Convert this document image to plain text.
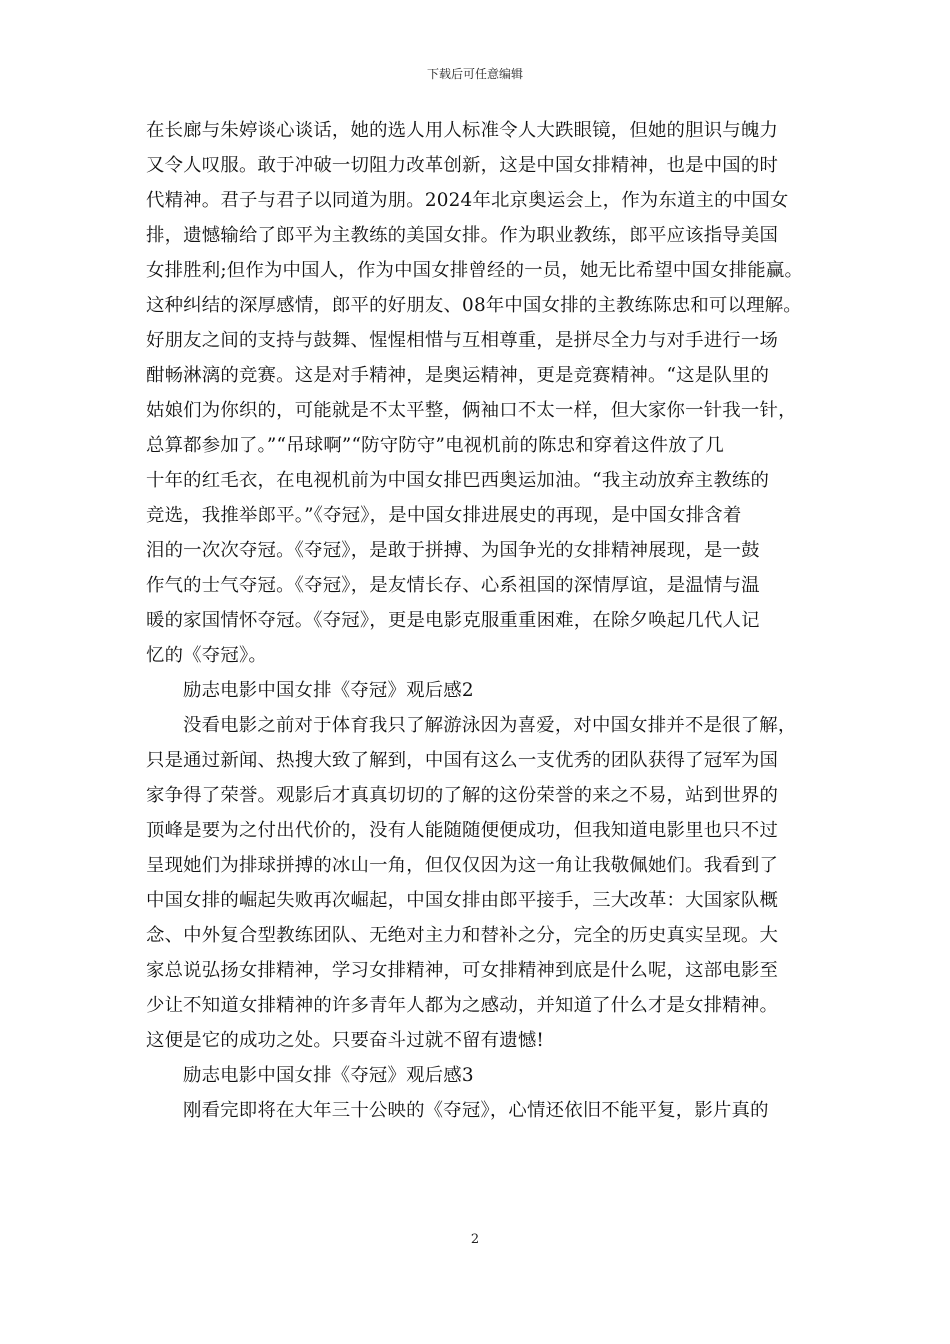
下载后可任意编辑
在长廊与朱婷谈心谈话，她的选人用人标准令人大跌眼镜，但她的胆识与魄力
又令人叹服。敢于冲破一切阻力改革创新，这是中国女排精神，也是中国的时
代精神。君子与君子以同道为朋。2024年北京奥运会上，作为东道主的中国女
排，遗憾输给了郎平为主教练的美国女排。作为职业教练，郎平应该指导美国
女排胜利;但作为中国人，作为中国女排曾经的一员，她无比希望中国女排能赢。
这种纠结的深厚感情，郎平的好朋友、08年中国女排的主教练陈忠和可以理解。
好朋友之间的支持与鼓舞、惺惺相惜与互相尊重，是拼尽全力与对手进行一场
酣畅淋漓的竞赛。这是对手精神，是奥运精神，更是竞赛精神。“这是队里的
姑娘们为你织的，可能就是不太平整，俩袖口不太一样，但大家你一针我一针，
总算都参加了。”“吊球啊”“防守防守”电视机前的陈忠和穿着这件放了几
十年的红毛衣，在电视机前为中国女排巴西奥运加油。“我主动放弃主教练的
竞选，我推举郎平。”《夺冠》，是中国女排进展史的再现，是中国女排含着
泪的一次次夺冠。《夺冠》，是敢于拼搏、为国争光的女排精神展现，是一鼓
作气的士气夺冠。《夺冠》，是友情长存、心系祖国的深情厚谊，是温情与温
暖的家国情怀夺冠。《夺冠》，更是电影克服重重困难，在除夕唤起几代人记
忆的《夺冠》。
励志电影中国女排《夺冠》观后感2
没看电影之前对于体育我只了解游泳因为喜爱，对中国女排并不是很了解，
只是通过新闻、热搜大致了解到，中国有这么一支优秀的团队获得了冠军为国
家争得了荣誉。观影后才真真切切的了解的这份荣誉的来之不易，站到世界的
顶峰是要为之付出代价的，没有人能随随便便成功，但我知道电影里也只不过
呈现她们为排球拼搏的冰山一角，但仅仅因为这一角让我敬佩她们。我看到了
中国女排的崛起失败再次崛起，中国女排由郎平接手，三大改革：大国家队概
念、中外复合型教练团队、无绝对主力和替补之分，完全的历史真实呈现。大
家总说弘扬女排精神，学习女排精神，可女排精神到底是什么呢，这部电影至
少让不知道女排精神的许多青年人都为之感动，并知道了什么才是女排精神。
这便是它的成功之处。只要奋斗过就不留有遗憾!
励志电影中国女排《夺冠》观后感3
刚看完即将在大年三十公映的《夺冠》，心情还依旧不能平复，影片真的
2
